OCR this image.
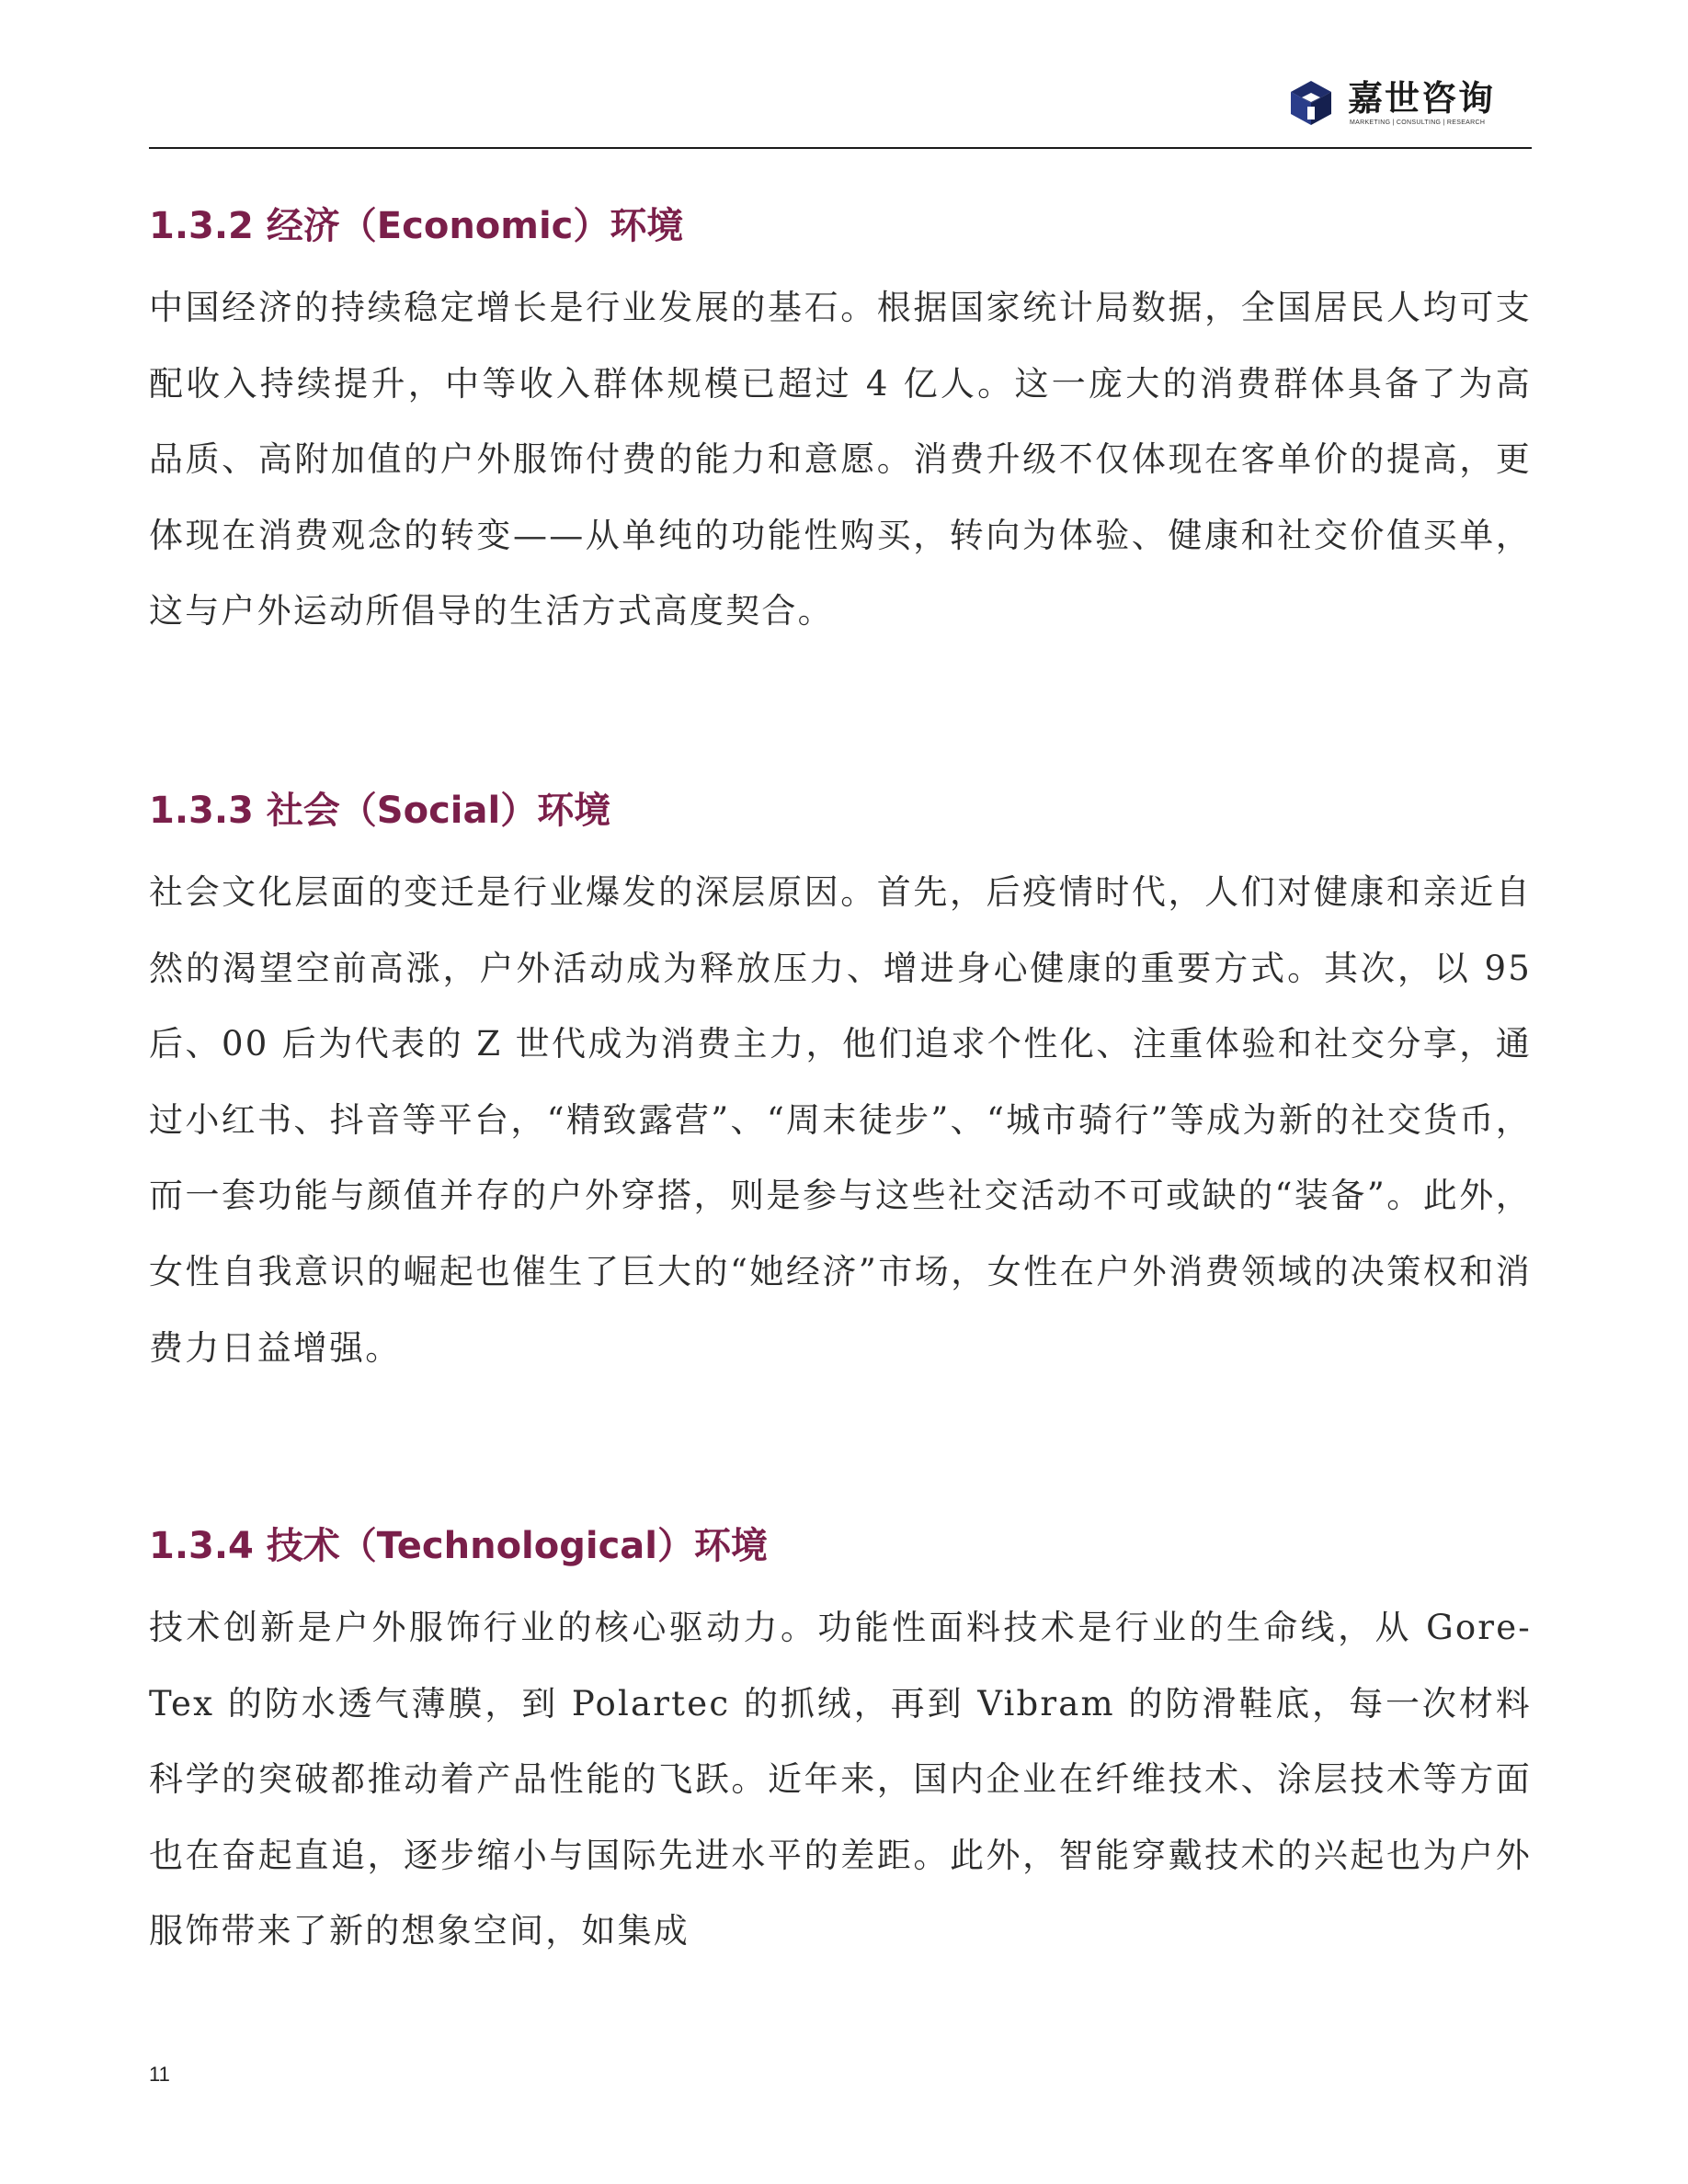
嘉世咨询
MARKETING | CONSULTING | RESEARCH
1.3.2 经济（Economic）环境

中国经济的持续稳定增长是行业发展的基石。根据国家统计局数据，全国居民人均可支配收入持续提升，中等收入群体规模已超过 4 亿人。这一庞大的消费群体具备了为高品质、高附加值的户外服饰付费的能力和意愿。消费升级不仅体现在客单价的提高，更体现在消费观念的转变——从单纯的功能性购买，转向为体验、健康和社交价值买单，这与户外运动所倡导的生活方式高度契合。

1.3.3 社会（Social）环境

社会文化层面的变迁是行业爆发的深层原因。首先，后疫情时代，人们对健康和亲近自然的渴望空前高涨，户外活动成为释放压力、增进身心健康的重要方式。其次，以 95 后、00 后为代表的 Z 世代成为消费主力，他们追求个性化、注重体验和社交分享，通过小红书、抖音等平台，“精致露营”、“周末徒步”、“城市骑行”等成为新的社交货币，而一套功能与颜值并存的户外穿搭，则是参与这些社交活动不可或缺的“装备”。此外，女性自我意识的崛起也催生了巨大的“她经济”市场，女性在户外消费领域的决策权和消费力日益增强。

1.3.4 技术（Technological）环境

技术创新是户外服饰行业的核心驱动力。功能性面料技术是行业的生命线，从 Gore-Tex 的防水透气薄膜，到 Polartec 的抓绒，再到 Vibram 的防滑鞋底，每一次材料科学的突破都推动着产品性能的飞跃。近年来，国内企业在纤维技术、涂层技术等方面也在奋起直追，逐步缩小与国际先进水平的差距。此外，智能穿戴技术的兴起也为户外服饰带来了新的想象空间，如集成

11
